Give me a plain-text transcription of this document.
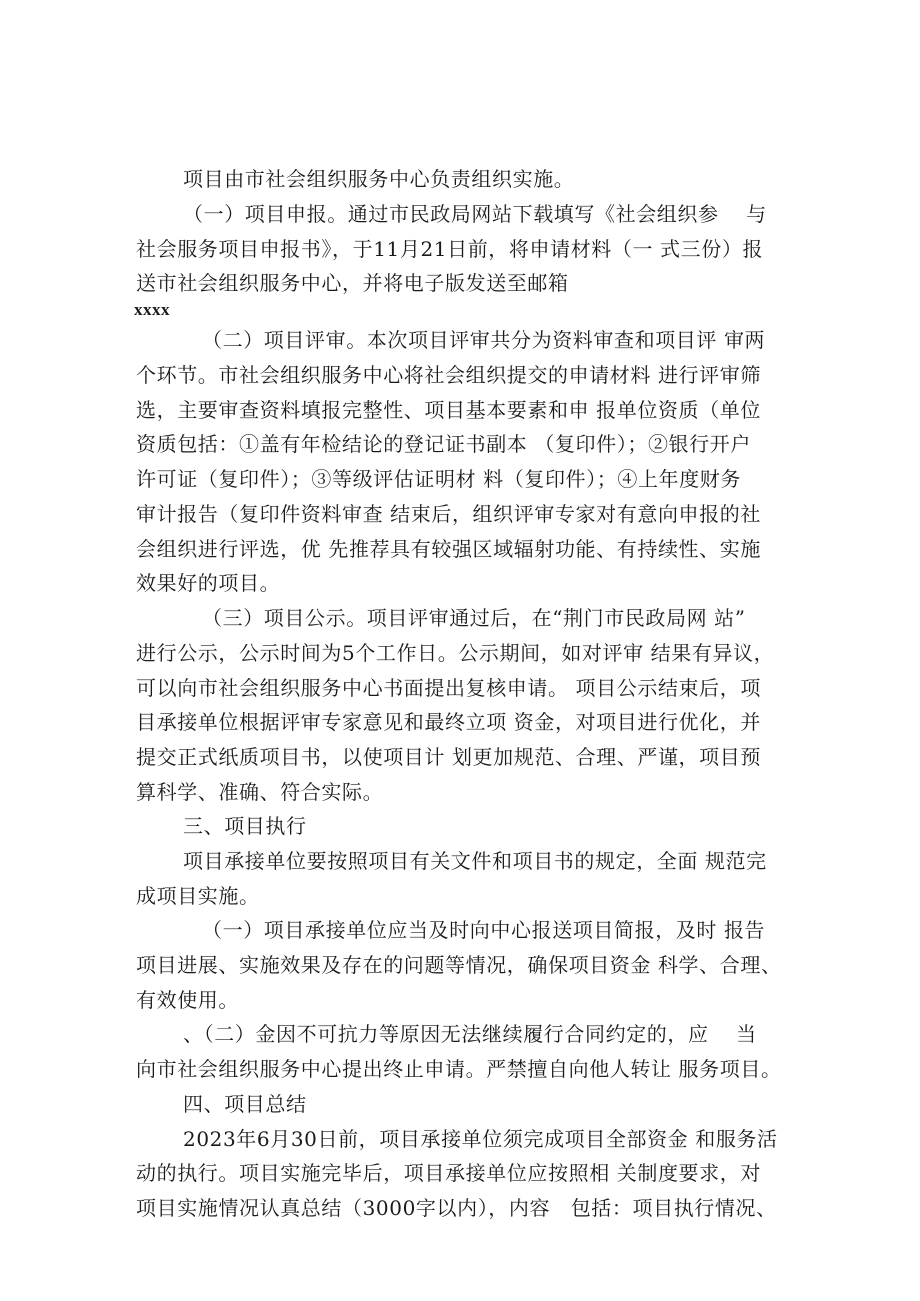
项目由市社会组织服务中心负责组织实施。
（一）项目申报。通过市民政局网站下载填写《社会组织参　 与
社会服务项目申报书》，于11月21日前，将申请材料（一 式三份）报
送市社会组织服务中心，并将电子版发送至邮箱
xxxx
（二）项目评审。本次项目评审共分为资料审查和项目评 审两
个环节。市社会组织服务中心将社会组织提交的申请材料 进行评审筛
选，主要审查资料填报完整性、项目基本要素和申 报单位资质（单位
资质包括：①盖有年检结论的登记证书副本 （复印件）；②银行开户
许可证（复印件）；③等级评估证明材 料（复印件）；④上年度财务
审计报告（复印件资料审查 结束后，组织评审专家对有意向申报的社
会组织进行评选，优 先推荐具有较强区域辐射功能、有持续性、实施
效果好的项目。
（三）项目公示。项目评审通过后，在“荆门市民政局网 站”
进行公示，公示时间为5个工作日。公示期间，如对评审 结果有异议，
可以向市社会组织服务中心书面提出复核申请。 项目公示结束后，项
目承接单位根据评审专家意见和最终立项 资金，对项目进行优化，并
提交正式纸质项目书，以使项目计 划更加规范、合理、严谨，项目预
算科学、准确、符合实际。
三、项目执行
项目承接单位要按照项目有关文件和项目书的规定，全面 规范完
成项目实施。
（一）项目承接单位应当及时向中心报送项目简报，及时 报告
项目进展、实施效果及存在的问题等情况，确保项目资金 科学、合理、
有效使用。
、（二）金因不可抗力等原因无法继续履行合同约定的，应　 当
向市社会组织服务中心提出终止申请。严禁擅自向他人转让 服务项目。
四、项目总结
2023年6月30日前，项目承接单位须完成项目全部资金 和服务活
动的执行。项目实施完毕后，项目承接单位应按照相 关制度要求，对
项目实施情况认真总结（3000字以内），内容　包括：项目执行情况、
